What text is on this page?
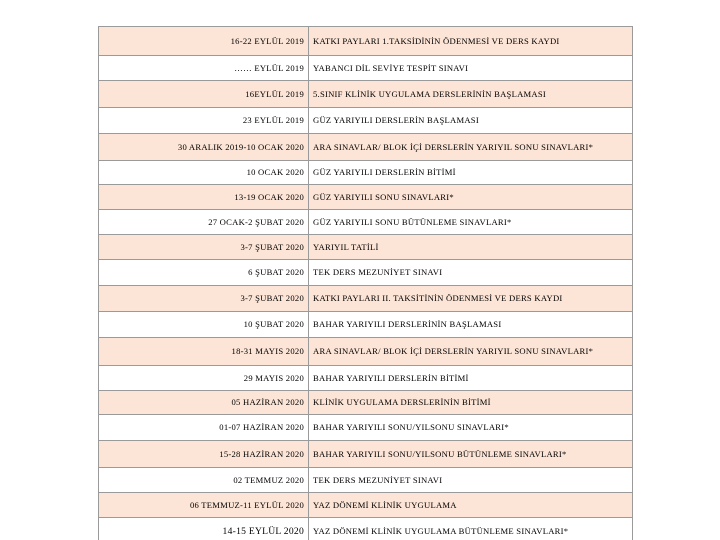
16-22 EYLÜL 2019	KATKI PAYLARI 1.TAKSİDİNİN ÖDENMESİ VE DERS KAYDI
…… EYLÜL 2019	YABANCI DİL SEVİYE TESPİT SINAVI
16EYLÜL 2019	5.SINIF KLİNİK UYGULAMA DERSLERİNİN BAŞLAMASI
23 EYLÜL 2019	GÜZ YARIYILI DERSLERİN BAŞLAMASI
30 ARALIK 2019-10 OCAK 2020	ARA SINAVLAR/ BLOK İÇİ DERSLERİN YARIYIL SONU SINAVLARI*
10 OCAK 2020	GÜZ YARIYILI DERSLERİN BİTİMİ
13-19 OCAK 2020	GÜZ YARIYILI SONU SINAVLARI*
27 OCAK-2 ŞUBAT 2020	GÜZ YARIYILI SONU BÜTÜNLEME SINAVLARI*
3-7 ŞUBAT 2020	YARIYIL TATİLİ
6 ŞUBAT 2020	TEK DERS MEZUNİYET SINAVI
3-7 ŞUBAT 2020	KATKI PAYLARI II. TAKSİTİNİN ÖDENMESİ VE DERS KAYDI
10 ŞUBAT 2020	BAHAR YARIYILI DERSLERİNİN BAŞLAMASI
18-31 MAYIS 2020	ARA SINAVLAR/ BLOK İÇİ DERSLERİN YARIYIL SONU SINAVLARI*
29 MAYIS 2020	BAHAR YARIYILI DERSLERİN BİTİMİ
05 HAZİRAN 2020	KLİNİK UYGULAMA DERSLERİNİN BİTİMİ
01-07 HAZİRAN 2020	BAHAR YARIYILI SONU/YILSONU SINAVLARI*
15-28 HAZİRAN 2020	BAHAR YARIYILI SONU/YILSONU BÜTÜNLEME SINAVLARI*
02 TEMMUZ 2020	TEK DERS MEZUNİYET SINAVI
06 TEMMUZ-11 EYLÜL 2020	YAZ DÖNEMİ KLİNİK UYGULAMA
14-15 EYLÜL 2020	YAZ DÖNEMİ KLİNİK UYGULAMA BÜTÜNLEME SINAVLARI*
